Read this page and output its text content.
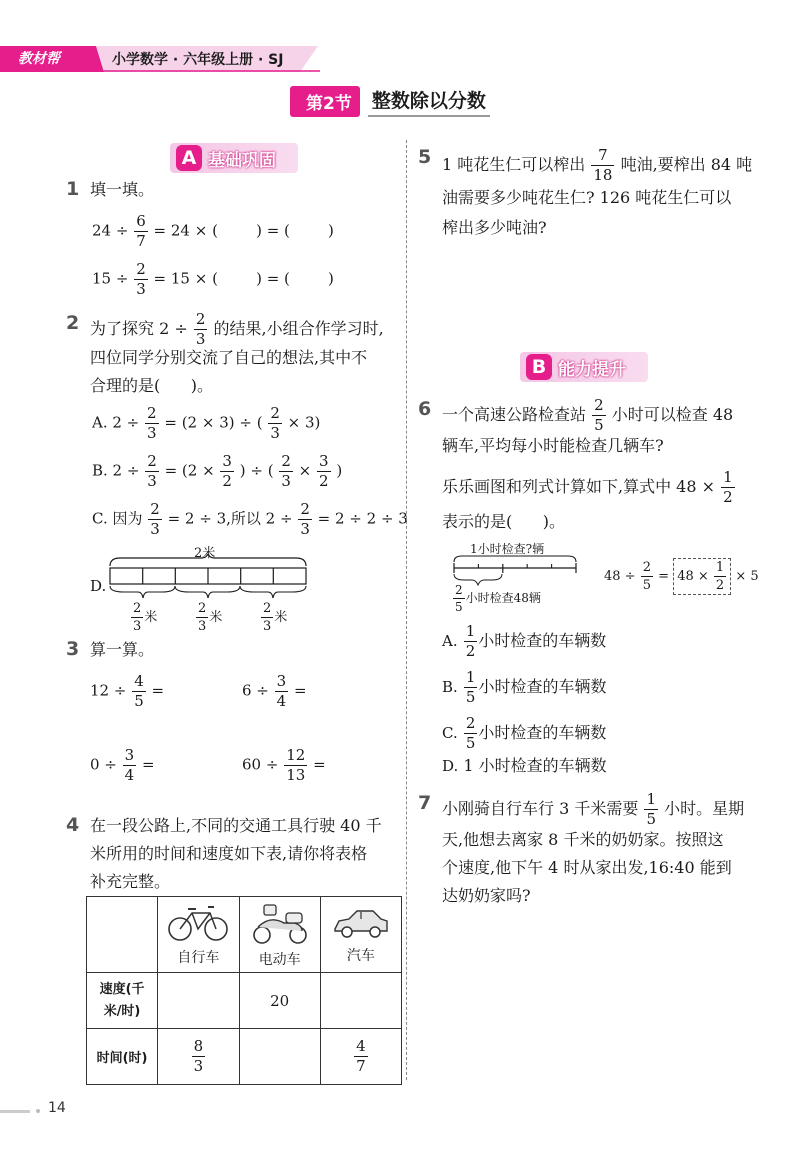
教材帮	小学数学 · 六年级上册 · SJ
第2节	整数除以分数
A 基础巩固
1 填一填。
$24 \div \frac{6}{7} = 24$ × (        ) = (        )
$15 \div \frac{2}{3} = 15$ × (        ) = (        )
2 为了探究 $2 \div \frac{2}{3}$ 的结果,小组合作学习时,
四位同学分别交流了自己的想法,其中不
合理的是(      )。
A. $2 \div \frac{2}{3} = (2 \times 3)$ ÷ ( $\frac{2}{3} \times 3$)
B. $2 \div \frac{2}{3} = (2 \times \frac{3}{2}$ ) ÷ ( $\frac{2}{3} \times \frac{3}{2}$ )
C. 因为 $\frac{2}{3} = 2 \div 3$,所以 $2 \div \frac{2}{3} = 2 \div 2 \div 3$
D.
2米
$\frac{2}{3}$ 米	$\frac{2}{3}$ 米	$\frac{2}{3}$ 米
3 算一算。
$12 \div \frac{4}{5}$ =	$6 \div \frac{3}{4}$ =
$0 \div \frac{3}{4}$ =	$60 \div \frac{12}{13}$ =
4 在一段公路上,不同的交通工具行驶 40 千
米所用的时间和速度如下表,请你将表格
补充完整。

	自行车	电动车	汽车

速度(千米/时)		20	
时间(时)	$\frac{8}{3}$		$\frac{4}{7}$
5 1 吨花生仁可以榨出 $\frac{7}{18}$ 吨油,要榨出 84 吨
油需要多少吨花生仁? 126 吨花生仁可以
榨出多少吨油?
B 能力提升
6 一个高速公路检查站 $\frac{2}{5}$ 小时可以检查 48
辆车,平均每小时能检查几辆车?
乐乐画图和列式计算如下,算式中 $48 \times \frac{1}{2}$
表示的是(      )。
1小时检查?辆
$\frac{2}{5}$ 小时检查48辆
$48 \div \frac{2}{5} = 48 \times \frac{1}{2} \times 5$
A. $\frac{1}{2}$ 小时检查的车辆数
B. $\frac{1}{5}$ 小时检查的车辆数
C. $\frac{2}{5}$ 小时检查的车辆数
D. 1 小时检查的车辆数
7 小刚骑自行车行 3 千米需要 $\frac{1}{5}$ 小时。星期
天,他想去离家 8 千米的奶奶家。按照这
个速度,他下午 4 时从家出发,16:40 能到
达奶奶家吗?
14
